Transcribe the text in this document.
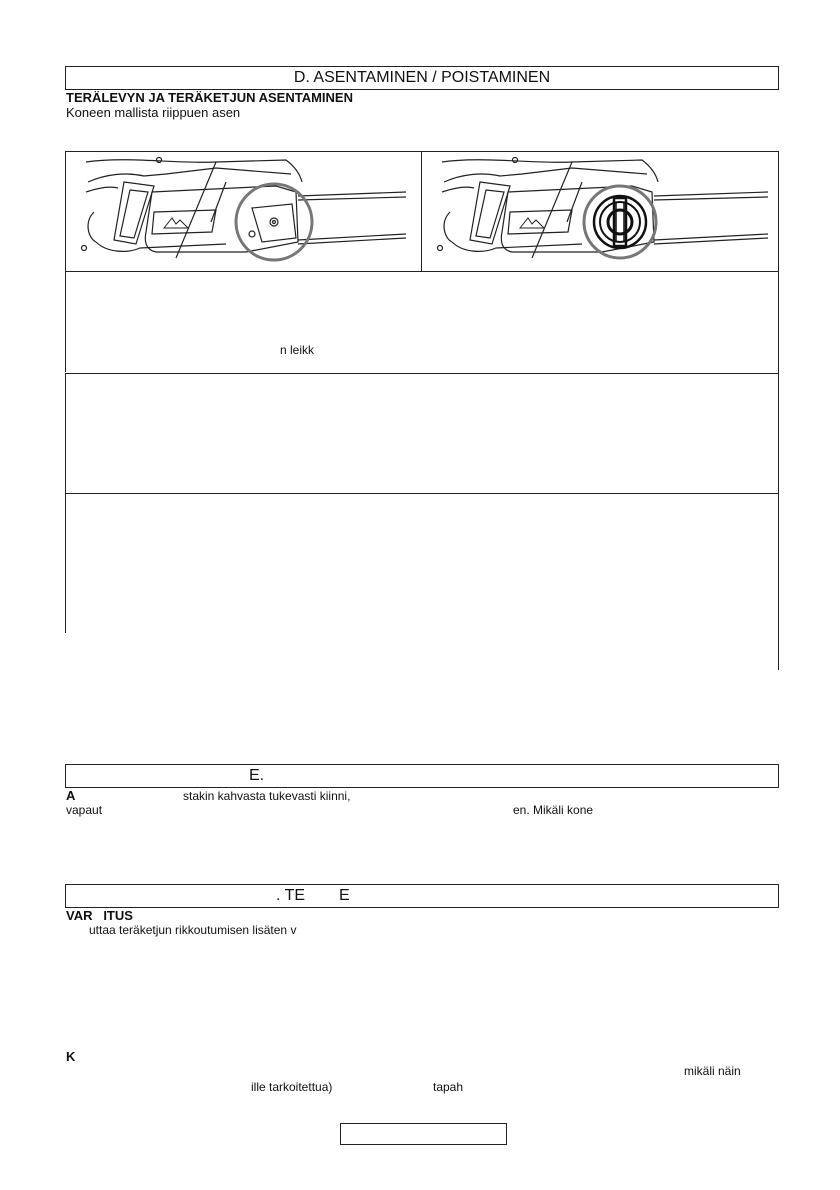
D. ASENTAMINEN / POISTAMINEN
TERÄLEVYN JA TERÄKETJUN ASENTAMINEN
Koneen mallista riippuen asen
n leikk
E.
A	stakin kahvasta tukevasti kiinni,
vapaut	en. Mikäli kone
. TE E
VAR   ITUS
uttaa teräketjun rikkoutumisen lisäten v
K
mikäli näin
ille tarkoitettua)	tapah
